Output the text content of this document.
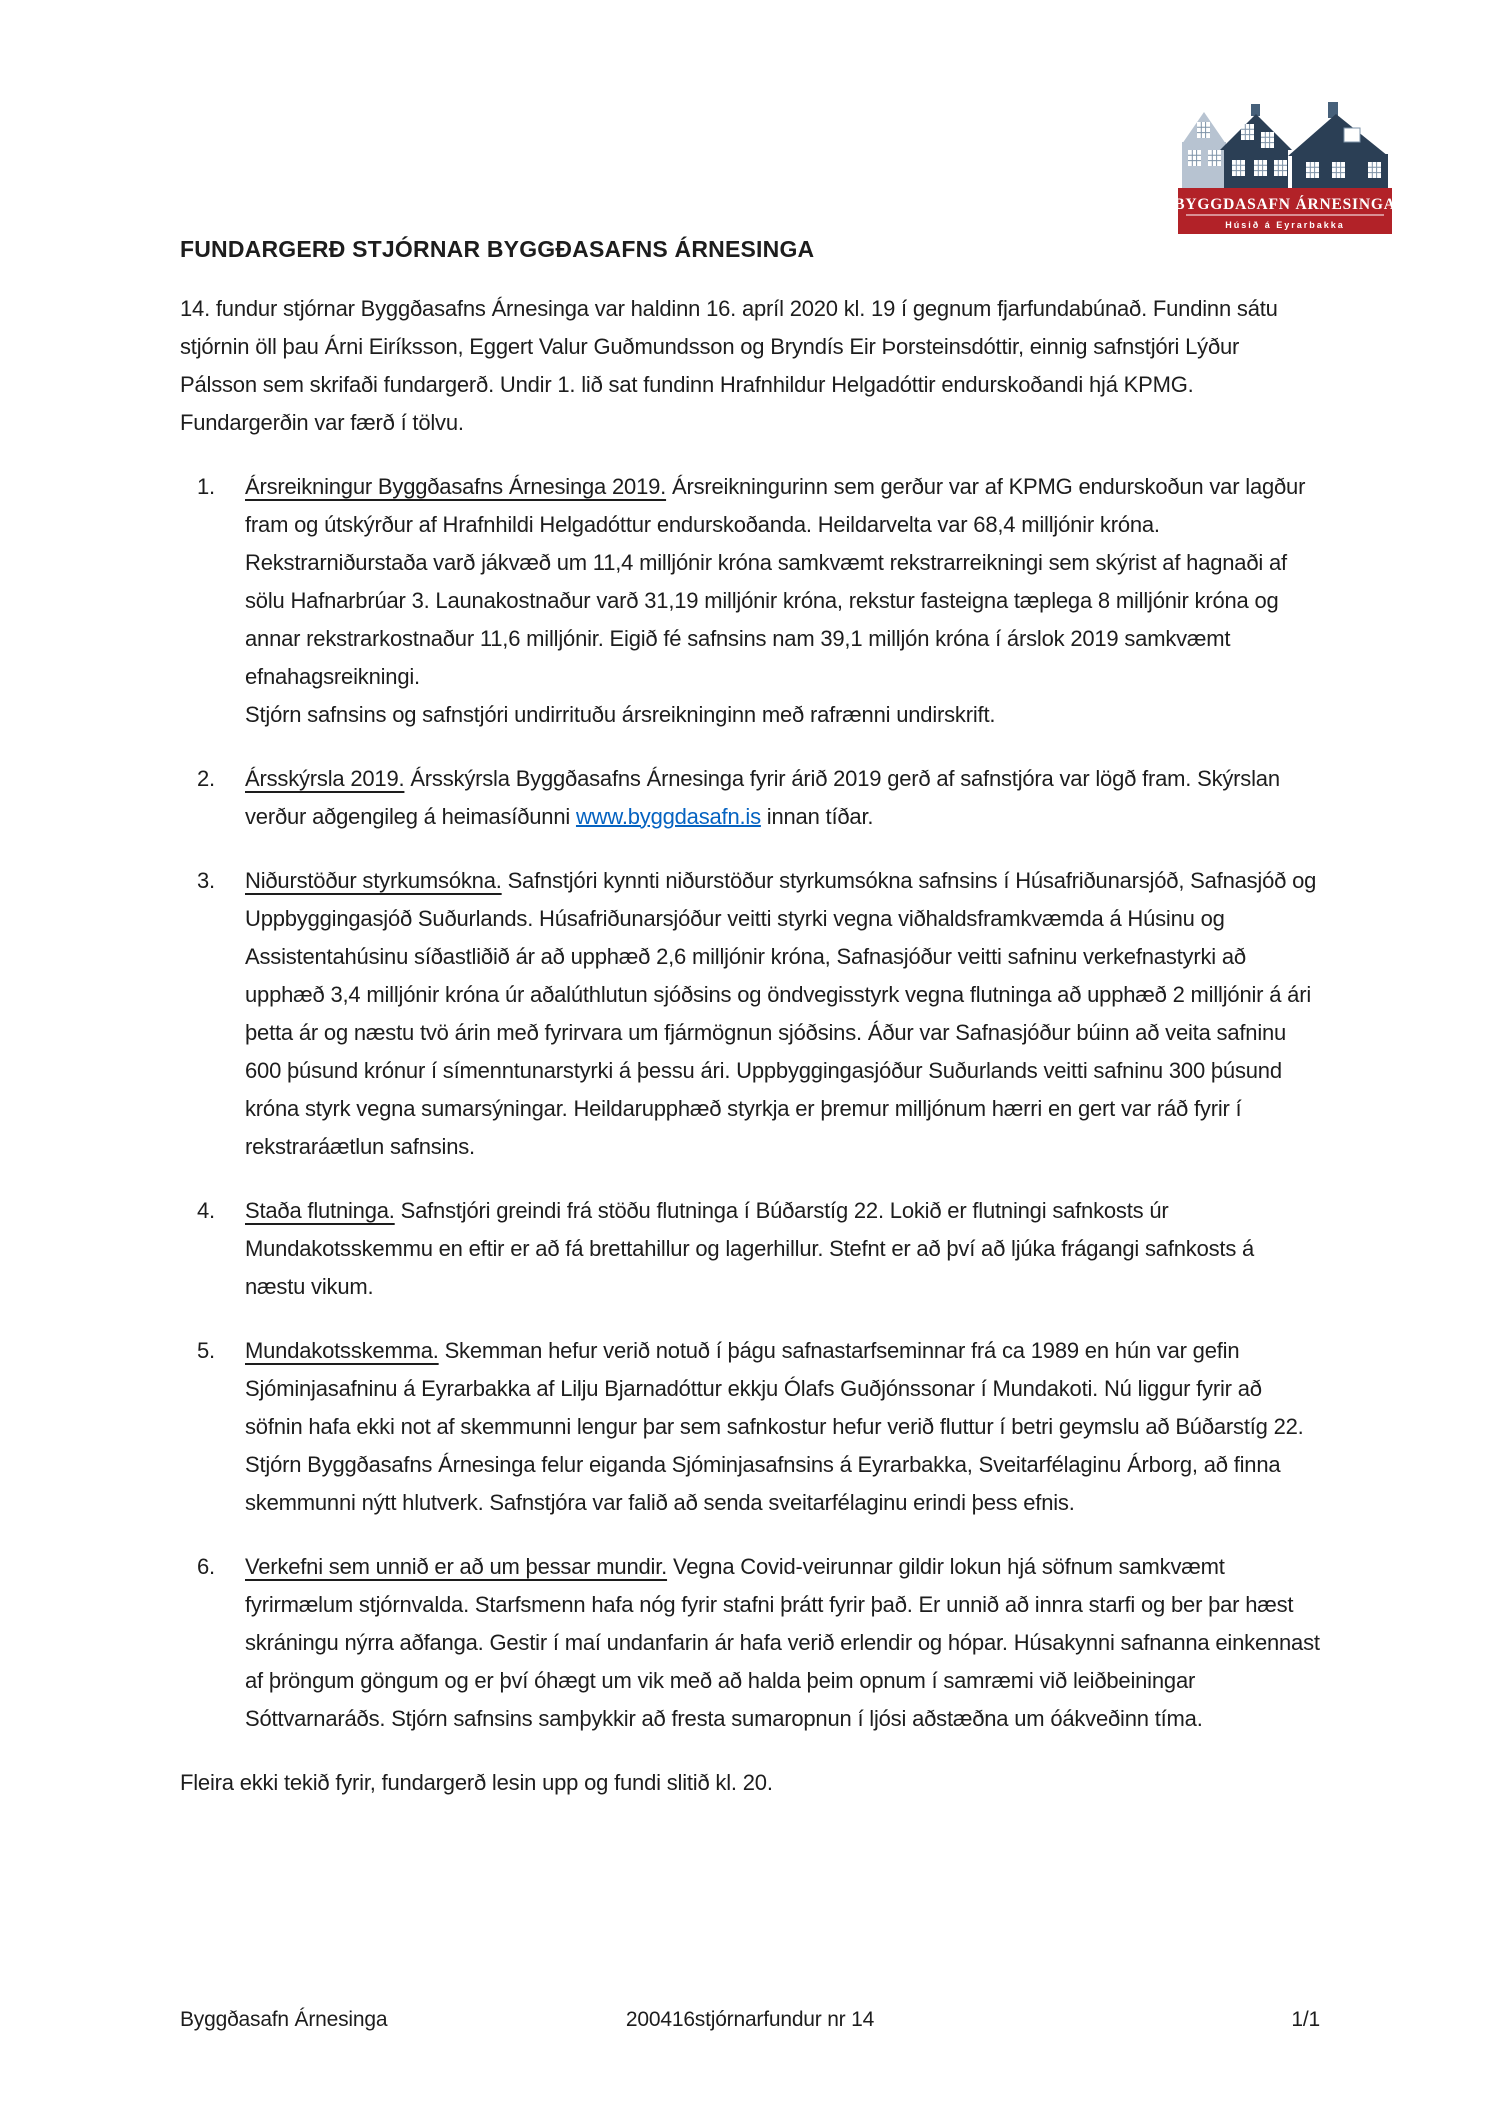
BYGGDASAFN ÁRNESINGA
Húsið á Eyrarbakka
FUNDARGERÐ STJÓRNAR BYGGÐASAFNS ÁRNESINGA

14. fundur stjórnar Byggðasafns Árnesinga var haldinn 16. apríl 2020 kl. 19 í gegnum fjarfundabúnað. Fundinn sátu stjórnin öll þau Árni Eiríksson, Eggert Valur Guðmundsson og Bryndís Eir Þorsteinsdóttir, einnig safnstjóri Lýður Pálsson sem skrifaði fundargerð. Undir 1. lið sat fundinn Hrafnhildur Helgadóttir endurskoðandi hjá KPMG. Fundargerðin var færð í tölvu.

1. Ársreikningur Byggðasafns Árnesinga 2019. Ársreikningurinn sem gerður var af KPMG endurskoðun var lagður fram og útskýrður af Hrafnhildi Helgadóttur endurskoðanda. Heildarvelta var 68,4 milljónir króna. Rekstrarniðurstaða varð jákvæð um 11,4 milljónir króna samkvæmt rekstrarreikningi sem skýrist af hagnaði af sölu Hafnarbrúar 3. Launakostnaður varð 31,19 milljónir króna, rekstur fasteigna tæplega 8 milljónir króna og annar rekstrarkostnaður 11,6 milljónir. Eigið fé safnsins nam 39,1 milljón króna í árslok 2019 samkvæmt efnahagsreikningi.
Stjórn safnsins og safnstjóri undirrituðu ársreikninginn með rafrænni undirskrift.
2. Ársskýrsla 2019. Ársskýrsla Byggðasafns Árnesinga fyrir árið 2019 gerð af safnstjóra var lögð fram. Skýrslan verður aðgengileg á heimasíðunni www.byggdasafn.is innan tíðar.
3. Niðurstöður styrkumsókna. Safnstjóri kynnti niðurstöður styrkumsókna safnsins í Húsafriðunarsjóð, Safnasjóð og Uppbyggingasjóð Suðurlands. Húsafriðunarsjóður veitti styrki vegna viðhaldsframkvæmda á Húsinu og Assistentahúsinu síðastliðið ár að upphæð 2,6 milljónir króna, Safnasjóður veitti safninu verkefnastyrki að upphæð 3,4 milljónir króna úr aðalúthlutun sjóðsins og öndvegisstyrk vegna flutninga að upphæð 2 milljónir á ári þetta ár og næstu tvö árin með fyrirvara um fjármögnun sjóðsins. Áður var Safnasjóður búinn að veita safninu 600 þúsund krónur í símenntunarstyrki á þessu ári. Uppbyggingasjóður Suðurlands veitti safninu 300 þúsund króna styrk vegna sumarsýningar. Heildarupphæð styrkja er þremur milljónum hærri en gert var ráð fyrir í rekstraráætlun safnsins.
4. Staða flutninga. Safnstjóri greindi frá stöðu flutninga í Búðarstíg 22. Lokið er flutningi safnkosts úr Mundakotsskemmu en eftir er að fá brettahillur og lagerhillur. Stefnt er að því að ljúka frágangi safnkosts á næstu vikum.
5. Mundakotsskemma. Skemman hefur verið notuð í þágu safnastarfseminnar frá ca 1989 en hún var gefin Sjóminjasafninu á Eyrarbakka af Lilju Bjarnadóttur ekkju Ólafs Guðjónssonar í Mundakoti. Nú liggur fyrir að söfnin hafa ekki not af skemmunni lengur þar sem safnkostur hefur verið fluttur í betri geymslu að Búðarstíg 22. Stjórn Byggðasafns Árnesinga felur eiganda Sjóminjasafnsins á Eyrarbakka, Sveitarfélaginu Árborg, að finna skemmunni nýtt hlutverk. Safnstjóra var falið að senda sveitarfélaginu erindi þess efnis.
6. Verkefni sem unnið er að um þessar mundir. Vegna Covid-veirunnar gildir lokun hjá söfnum samkvæmt fyrirmælum stjórnvalda. Starfsmenn hafa nóg fyrir stafni þrátt fyrir það. Er unnið að innra starfi og ber þar hæst skráningu nýrra aðfanga. Gestir í maí undanfarin ár hafa verið erlendir og hópar. Húsakynni safnanna einkennast af þröngum göngum og er því óhægt um vik með að halda þeim opnum í samræmi við leiðbeiningar Sóttvarnaráðs. Stjórn safnsins samþykkir að fresta sumaropnun í ljósi aðstæðna um óákveðinn tíma.

Fleira ekki tekið fyrir, fundargerð lesin upp og fundi slitið kl. 20.

Byggðasafn Árnesinga	200416stjórnarfundur nr 14	1/1
